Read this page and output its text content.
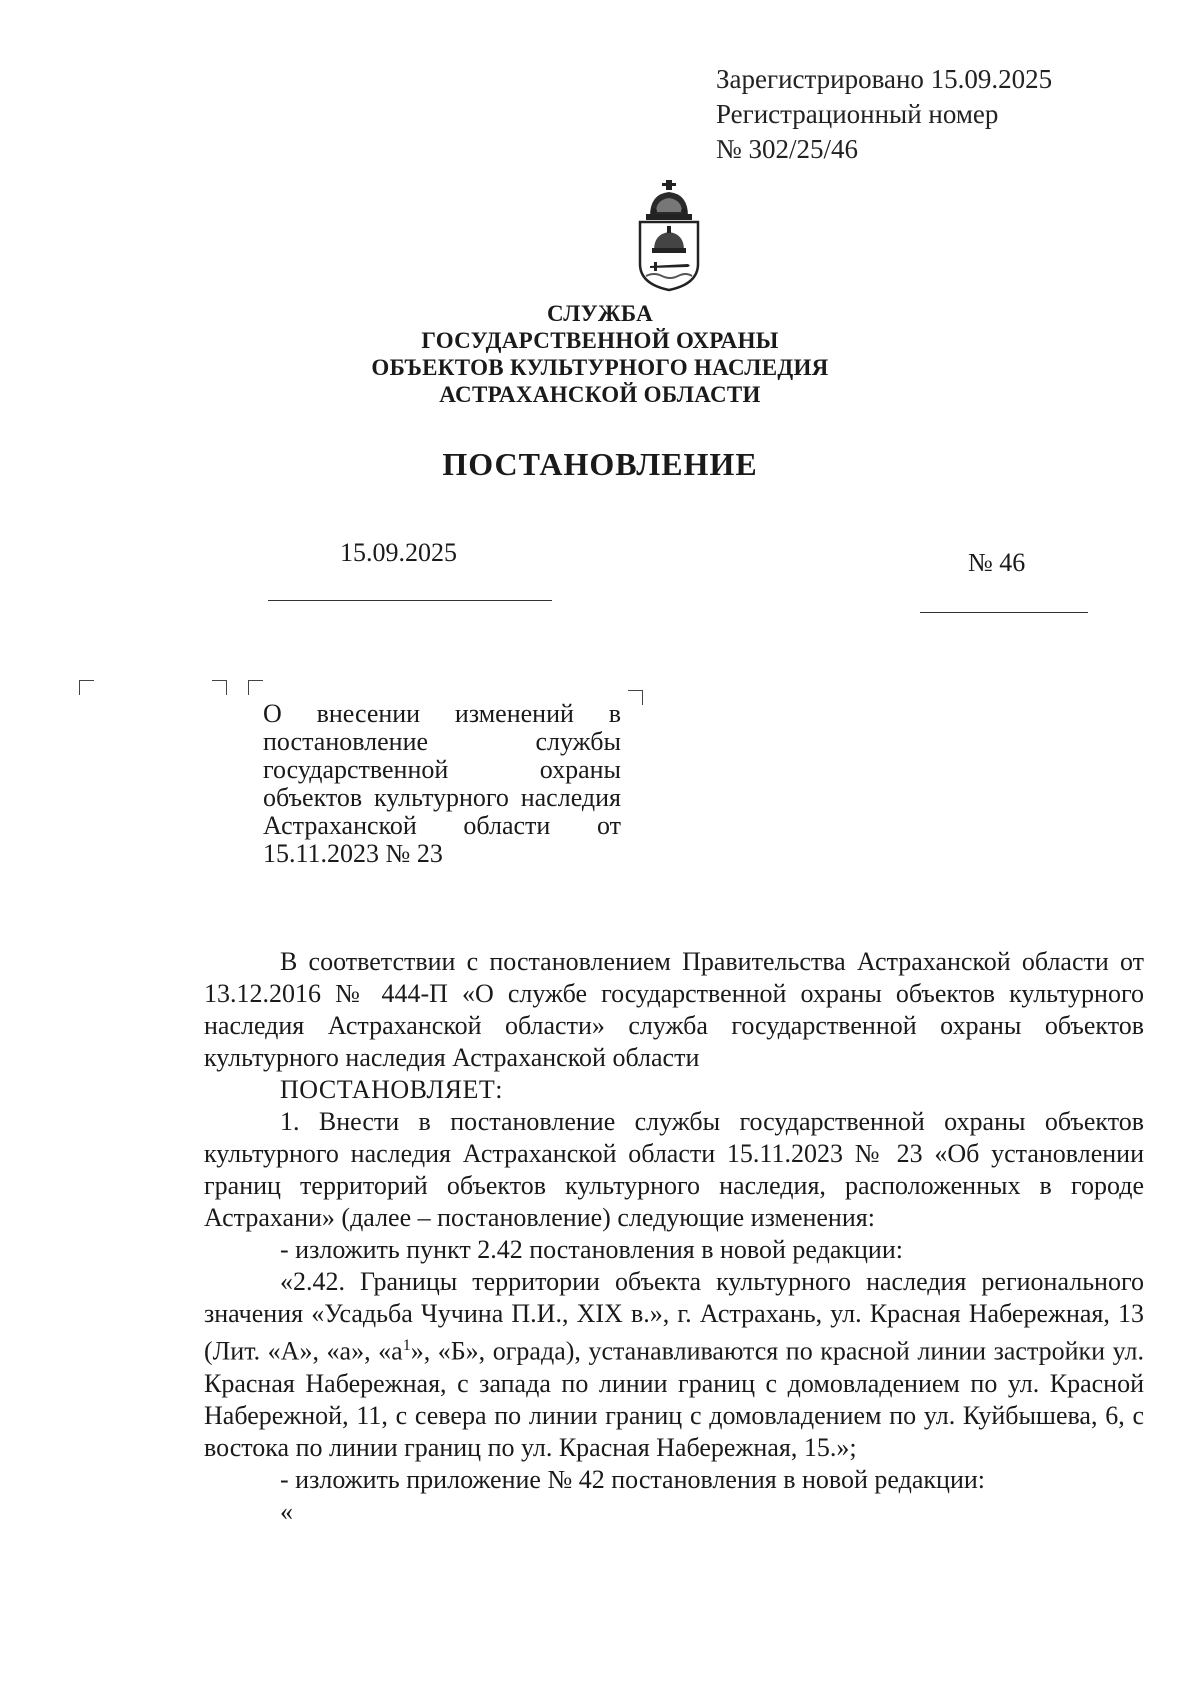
Зарегистрировано 15.09.2025
Регистрационный номер
№ 302/25/46
СЛУЖБА
ГОСУДАРСТВЕННОЙ ОХРАНЫ
ОБЪЕКТОВ КУЛЬТУРНОГО НАСЛЕДИЯ
АСТРАХАНСКОЙ ОБЛАСТИ
ПОСТАНОВЛЕНИЕ
15.09.2025	№ 46
О внесении изменений в постановление службы государственной охраны объектов культурного наследия Астраханской области от 15.11.2023 № 23

В соответствии с постановлением Правительства Астраханской области от 13.12.2016 № 444-П «О службе государственной охраны объектов культурного наследия Астраханской области» служба государственной охраны объектов культурного наследия Астраханской области

ПОСТАНОВЛЯЕТ:

1. Внести в постановление службы государственной охраны объектов культурного наследия Астраханской области 15.11.2023 № 23 «Об установлении границ территорий объектов культурного наследия, расположенных в городе Астрахани» (далее – постановление) следующие изменения:

- изложить пункт 2.42 постановления в новой редакции:

«2.42. Границы территории объекта культурного наследия регионального значения «Усадьба Чучина П.И., XIX в.», г. Астрахань, ул. Красная Набережная, 13 (Лит. «А», «а», «$а^1$», «Б», ограда), устанавливаются по красной линии застройки ул. Красная Набережная, с запада по линии границ с домовладением по ул. Красной Набережной, 11, с севера по линии границ с домовладением по ул. Куйбышева, 6, с востока по линии границ по ул. Красная Набережная, 15.»;

- изложить приложение № 42 постановления в новой редакции:

«
